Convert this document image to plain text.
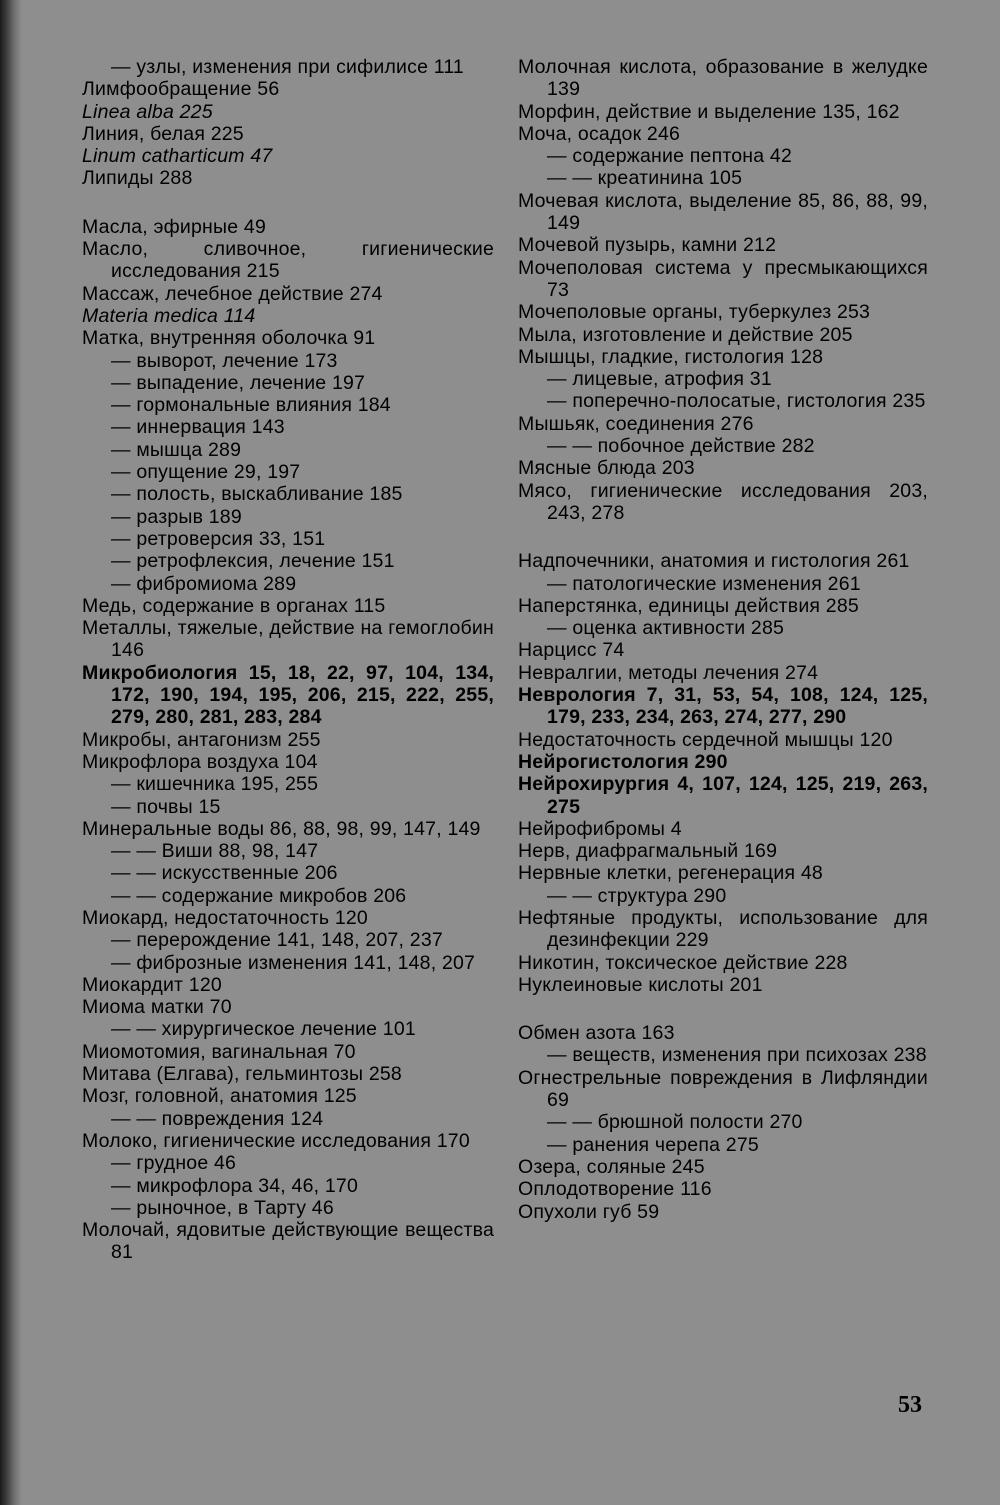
— узлы, изменения при сифилисе 111
Лимфообращение 56
Linea alba 225
Линия, белая 225
Linum catharticum 47
Липиды 288
Масла, эфирные 49
Масло, сливочное, гигиенические исследования 215
Массаж, лечебное действие 274
Materia medica 114
Матка, внутренняя оболочка 91
— выворот, лечение 173
— выпадение, лечение 197
— гормональные влияния 184
— иннервация 143
— мышца 289
— опущение 29, 197
— полость, выскабливание 185
— разрыв 189
— ретроверсия 33, 151
— ретрофлексия, лечение 151
— фибромиома 289
Медь, содержание в органах 115
Металлы, тяжелые, действие на гемоглобин 146
Микробиология 15, 18, 22, 97, 104, 134, 172, 190, 194, 195, 206, 215, 222, 255, 279, 280, 281, 283, 284
Микробы, антагонизм 255
Микрофлора воздуха 104
— кишечника 195, 255
— почвы 15
Минеральные воды 86, 88, 98, 99, 147, 149
— — Виши 88, 98, 147
— — искусственные 206
— — содержание микробов 206
Миокард, недостаточность 120
— перерождение 141, 148, 207, 237
— фиброзные изменения 141, 148, 207
Миокардит 120
Миома матки 70
— — хирургическое лечение 101
Миомотомия, вагинальная 70
Митава (Елгава), гельминтозы 258
Мозг, головной, анатомия 125
— — повреждения 124
Молоко, гигиенические исследования 170
— грудное 46
— микрофлора 34, 46, 170
— рыночное, в Тарту 46
Молочай, ядовитые действующие вещества 81
Молочная кислота, образование в желудке 139
Морфин, действие и выделение 135, 162
Моча, осадок 246
— содержание пептона 42
— — креатинина 105
Мочевая кислота, выделение 85, 86, 88, 99, 149
Мочевой пузырь, камни 212
Мочеполовая система у пресмыкающихся 73
Мочеполовые органы, туберкулез 253
Мыла, изготовление и действие 205
Мышцы, гладкие, гистология 128
— лицевые, атрофия 31
— поперечно-полосатые, гистология 235
Мышьяк, соединения 276
— — побочное действие 282
Мясные блюда 203
Мясо, гигиенические исследования 203, 243, 278
Надпочечники, анатомия и гистология 261
— патологические изменения 261
Наперстянка, единицы действия 285
— оценка активности 285
Нарцисс 74
Невралгии, методы лечения 274
Неврология 7, 31, 53, 54, 108, 124, 125, 179, 233, 234, 263, 274, 277, 290
Недостаточность сердечной мышцы 120
Нейрогистология 290
Нейрохирургия 4, 107, 124, 125, 219, 263, 275
Нейрофибромы 4
Нерв, диафрагмальный 169
Нервные клетки, регенерация 48
— — структура 290
Нефтяные продукты, использование для дезинфекции 229
Никотин, токсическое действие 228
Нуклеиновые кислоты 201
Обмен азота 163
— веществ, изменения при психозах 238
Огнестрельные повреждения в Лифляндии 69
— — брюшной полости 270
— ранения черепа 275
Озера, соляные 245
Оплодотворение 116
Опухоли губ 59
53
